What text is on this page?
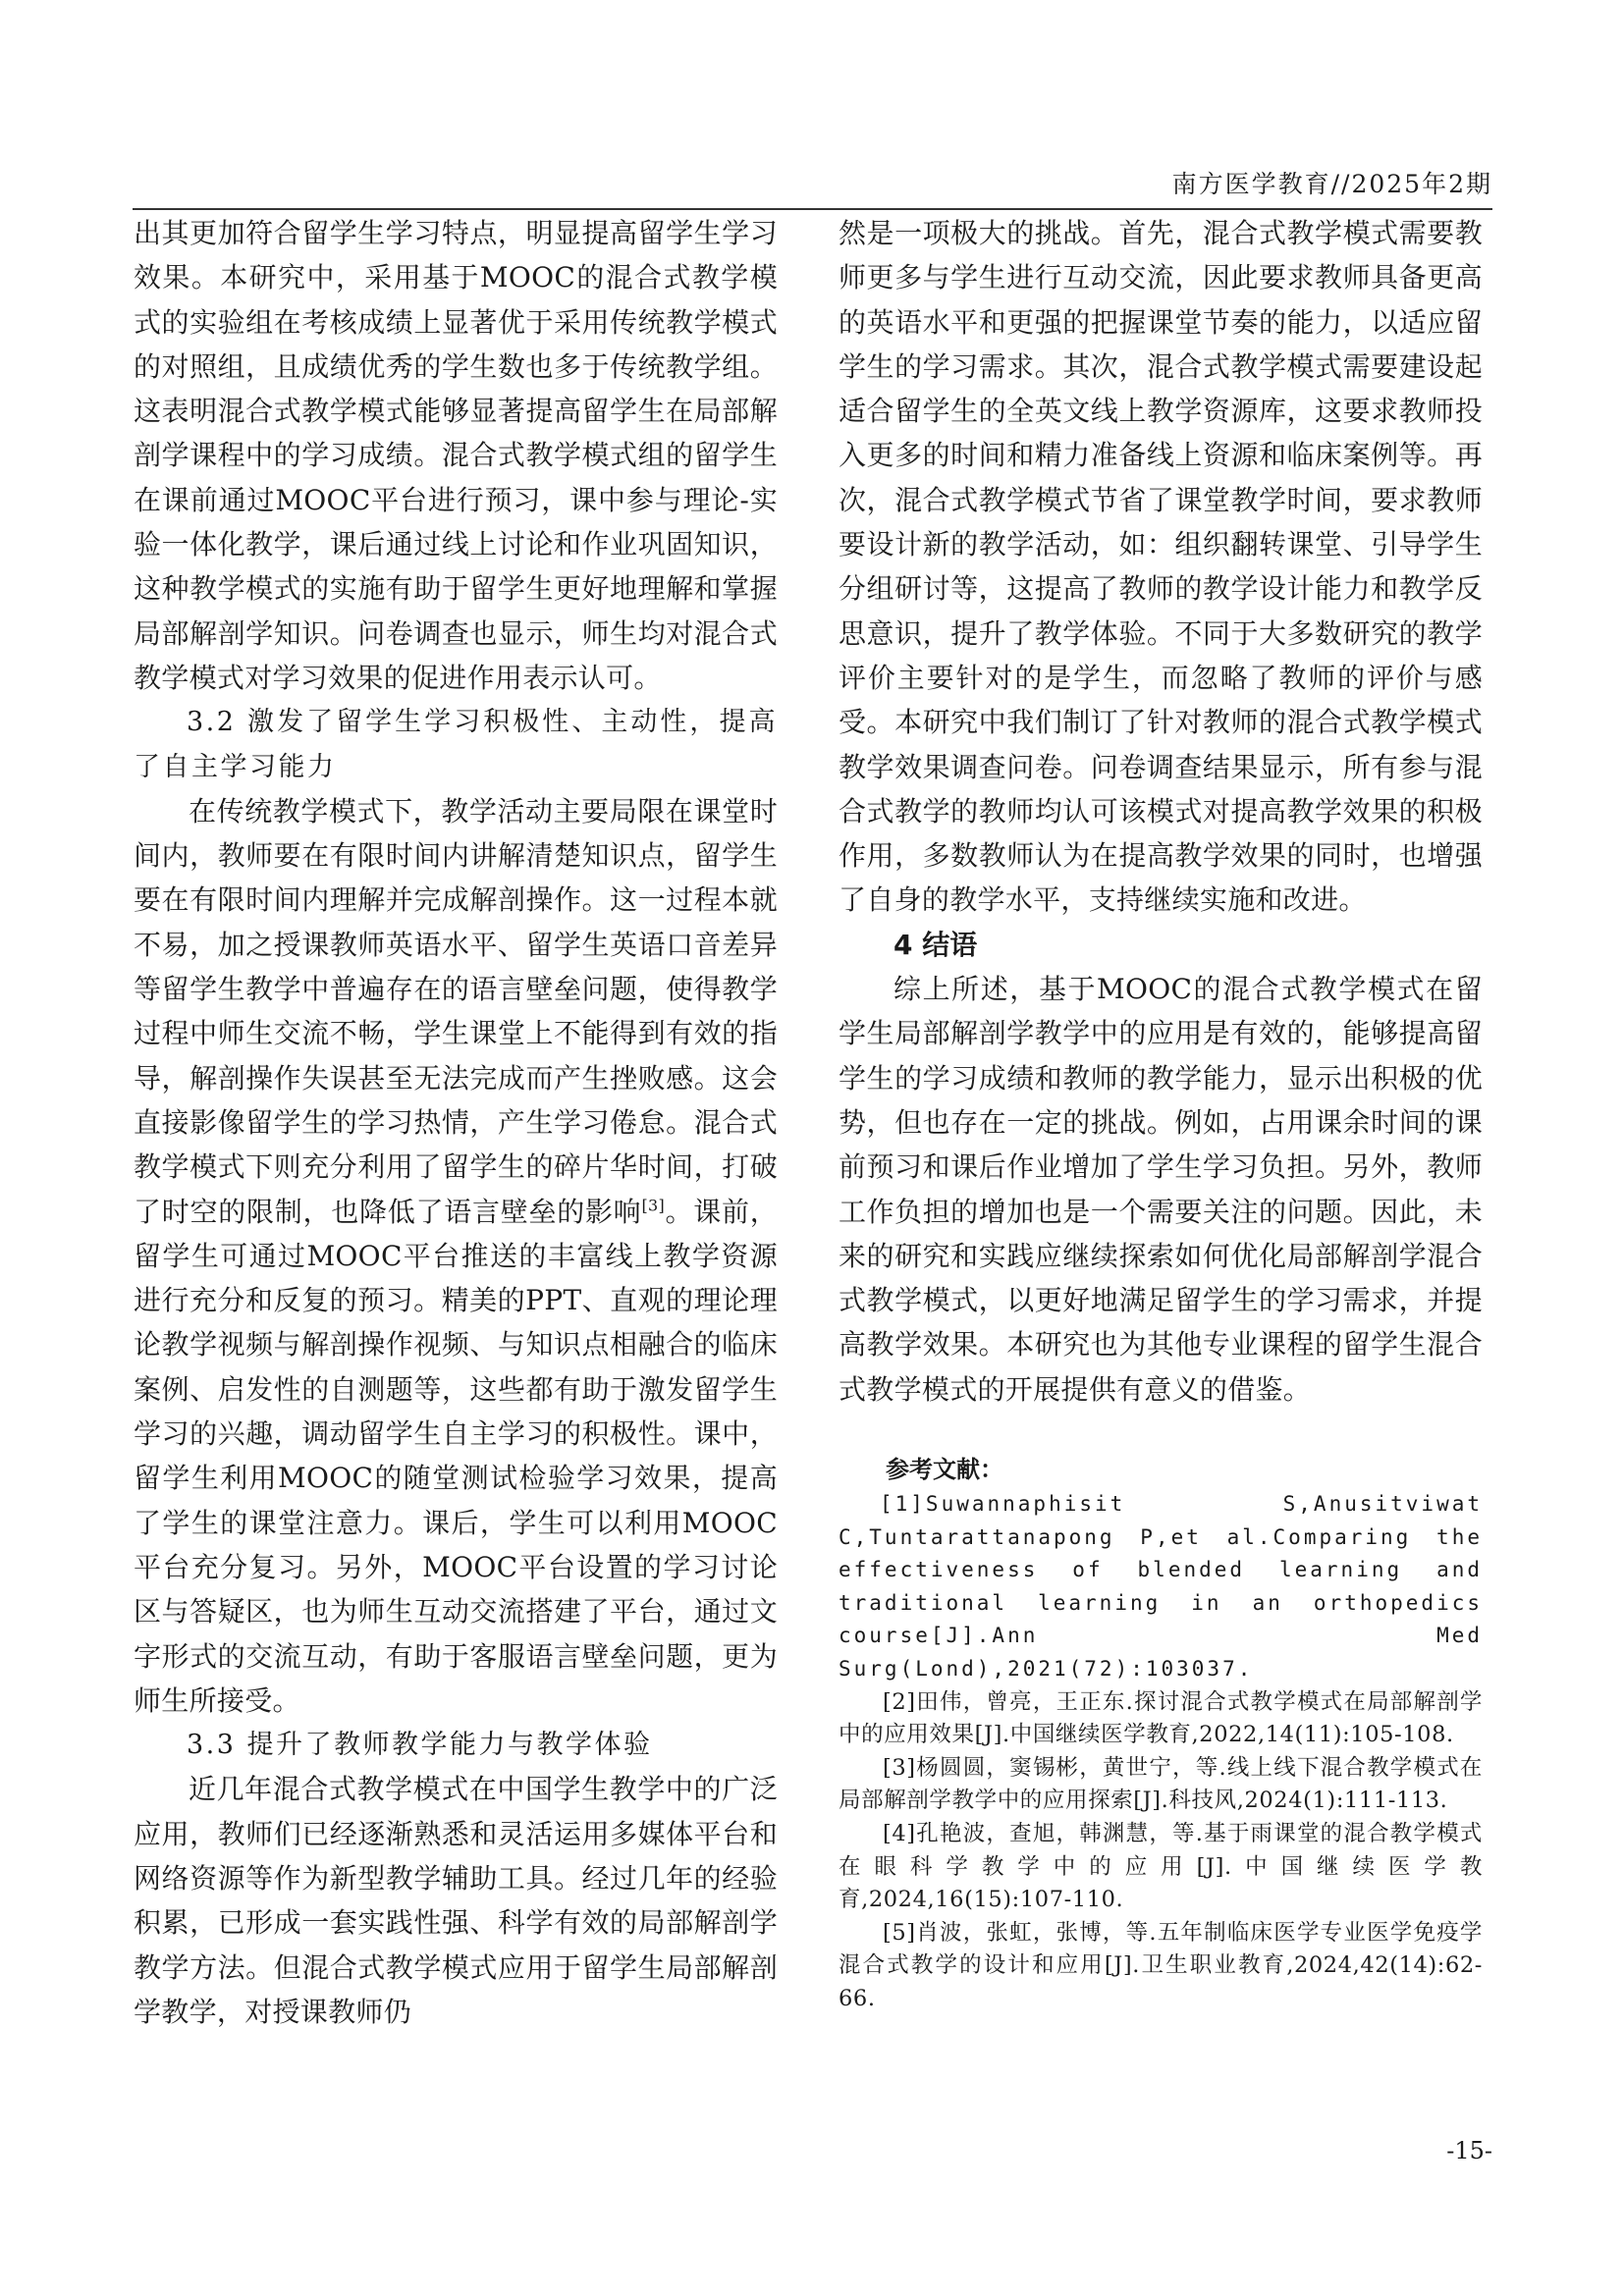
南方医学教育//2025年2期

出其更加符合留学生学习特点，明显提高留学生学习效果。本研究中，采用基于MOOC的混合式教学模式的实验组在考核成绩上显著优于采用传统教学模式的对照组，且成绩优秀的学生数也多于传统教学组。这表明混合式教学模式能够显著提高留学生在局部解剖学课程中的学习成绩。混合式教学模式组的留学生在课前通过MOOC平台进行预习，课中参与理论-实验一体化教学，课后通过线上讨论和作业巩固知识，这种教学模式的实施有助于留学生更好地理解和掌握局部解剖学知识。问卷调查也显示，师生均对混合式教学模式对学习效果的促进作用表示认可。

3.2 激发了留学生学习积极性、主动性，提高了自主学习能力

在传统教学模式下，教学活动主要局限在课堂时间内，教师要在有限时间内讲解清楚知识点，留学生要在有限时间内理解并完成解剖操作。这一过程本就不易，加之授课教师英语水平、留学生英语口音差异等留学生教学中普遍存在的语言壁垒问题，使得教学过程中师生交流不畅，学生课堂上不能得到有效的指导，解剖操作失误甚至无法完成而产生挫败感。这会直接影像留学生的学习热情，产生学习倦怠。混合式教学模式下则充分利用了留学生的碎片华时间，打破了时空的限制，也降低了语言壁垒的影响[3]。课前，留学生可通过MOOC平台推送的丰富线上教学资源进行充分和反复的预习。精美的PPT、直观的理论理论教学视频与解剖操作视频、与知识点相融合的临床案例、启发性的自测题等，这些都有助于激发留学生学习的兴趣，调动留学生自主学习的积极性。课中，留学生利用MOOC的随堂测试检验学习效果，提高了学生的课堂注意力。课后，学生可以利用MOOC平台充分复习。另外，MOOC平台设置的学习讨论区与答疑区，也为师生互动交流搭建了平台，通过文字形式的交流互动，有助于客服语言壁垒问题，更为师生所接受。

3.3 提升了教师教学能力与教学体验

近几年混合式教学模式在中国学生教学中的广泛应用，教师们已经逐渐熟悉和灵活运用多媒体平台和网络资源等作为新型教学辅助工具。经过几年的经验积累，已形成一套实践性强、科学有效的局部解剖学教学方法。但混合式教学模式应用于留学生局部解剖学教学，对授课教师仍

然是一项极大的挑战。首先，混合式教学模式需要教师更多与学生进行互动交流，因此要求教师具备更高的英语水平和更强的把握课堂节奏的能力，以适应留学生的学习需求。其次，混合式教学模式需要建设起适合留学生的全英文线上教学资源库，这要求教师投入更多的时间和精力准备线上资源和临床案例等。再次，混合式教学模式节省了课堂教学时间，要求教师要设计新的教学活动，如：组织翻转课堂、引导学生分组研讨等，这提高了教师的教学设计能力和教学反思意识，提升了教学体验。不同于大多数研究的教学评价主要针对的是学生，而忽略了教师的评价与感受。本研究中我们制订了针对教师的混合式教学模式教学效果调查问卷。问卷调查结果显示，所有参与混合式教学的教师均认可该模式对提高教学效果的积极作用，多数教师认为在提高教学效果的同时，也增强了自身的教学水平，支持继续实施和改进。

4 结语

综上所述，基于MOOC的混合式教学模式在留学生局部解剖学教学中的应用是有效的，能够提高留学生的学习成绩和教师的教学能力，显示出积极的优势，但也存在一定的挑战。例如，占用课余时间的课前预习和课后作业增加了学生学习负担。另外，教师工作负担的增加也是一个需要关注的问题。因此，未来的研究和实践应继续探索如何优化局部解剖学混合式教学模式，以更好地满足留学生的学习需求，并提高教学效果。本研究也为其他专业课程的留学生混合式教学模式的开展提供有意义的借鉴。

参考文献：

[1]Suwannaphisit S,Anusitviwat C,Tuntarattanapong P,et al.Comparing the effectiveness of blended learning and traditional learning in an orthopedics course[J].Ann Med Surg(Lond),2021(72):103037.

[2]田伟，曾亮，王正东.探讨混合式教学模式在局部解剖学中的应用效果[J].中国继续医学教育,2022,14(11):105-108.

[3]杨圆圆，窦锡彬，黄世宁，等.线上线下混合教学模式在局部解剖学教学中的应用探索[J].科技风,2024(1):111-113.

[4]孔艳波，查旭，韩渊慧，等.基于雨课堂的混合教学模式在眼科学教学中的应用[J].中国继续医学教育,2024,16(15):107-110.

[5]肖波，张虹，张博，等.五年制临床医学专业医学免疫学混合式教学的设计和应用[J].卫生职业教育,2024,42(14):62-66.

-15-
